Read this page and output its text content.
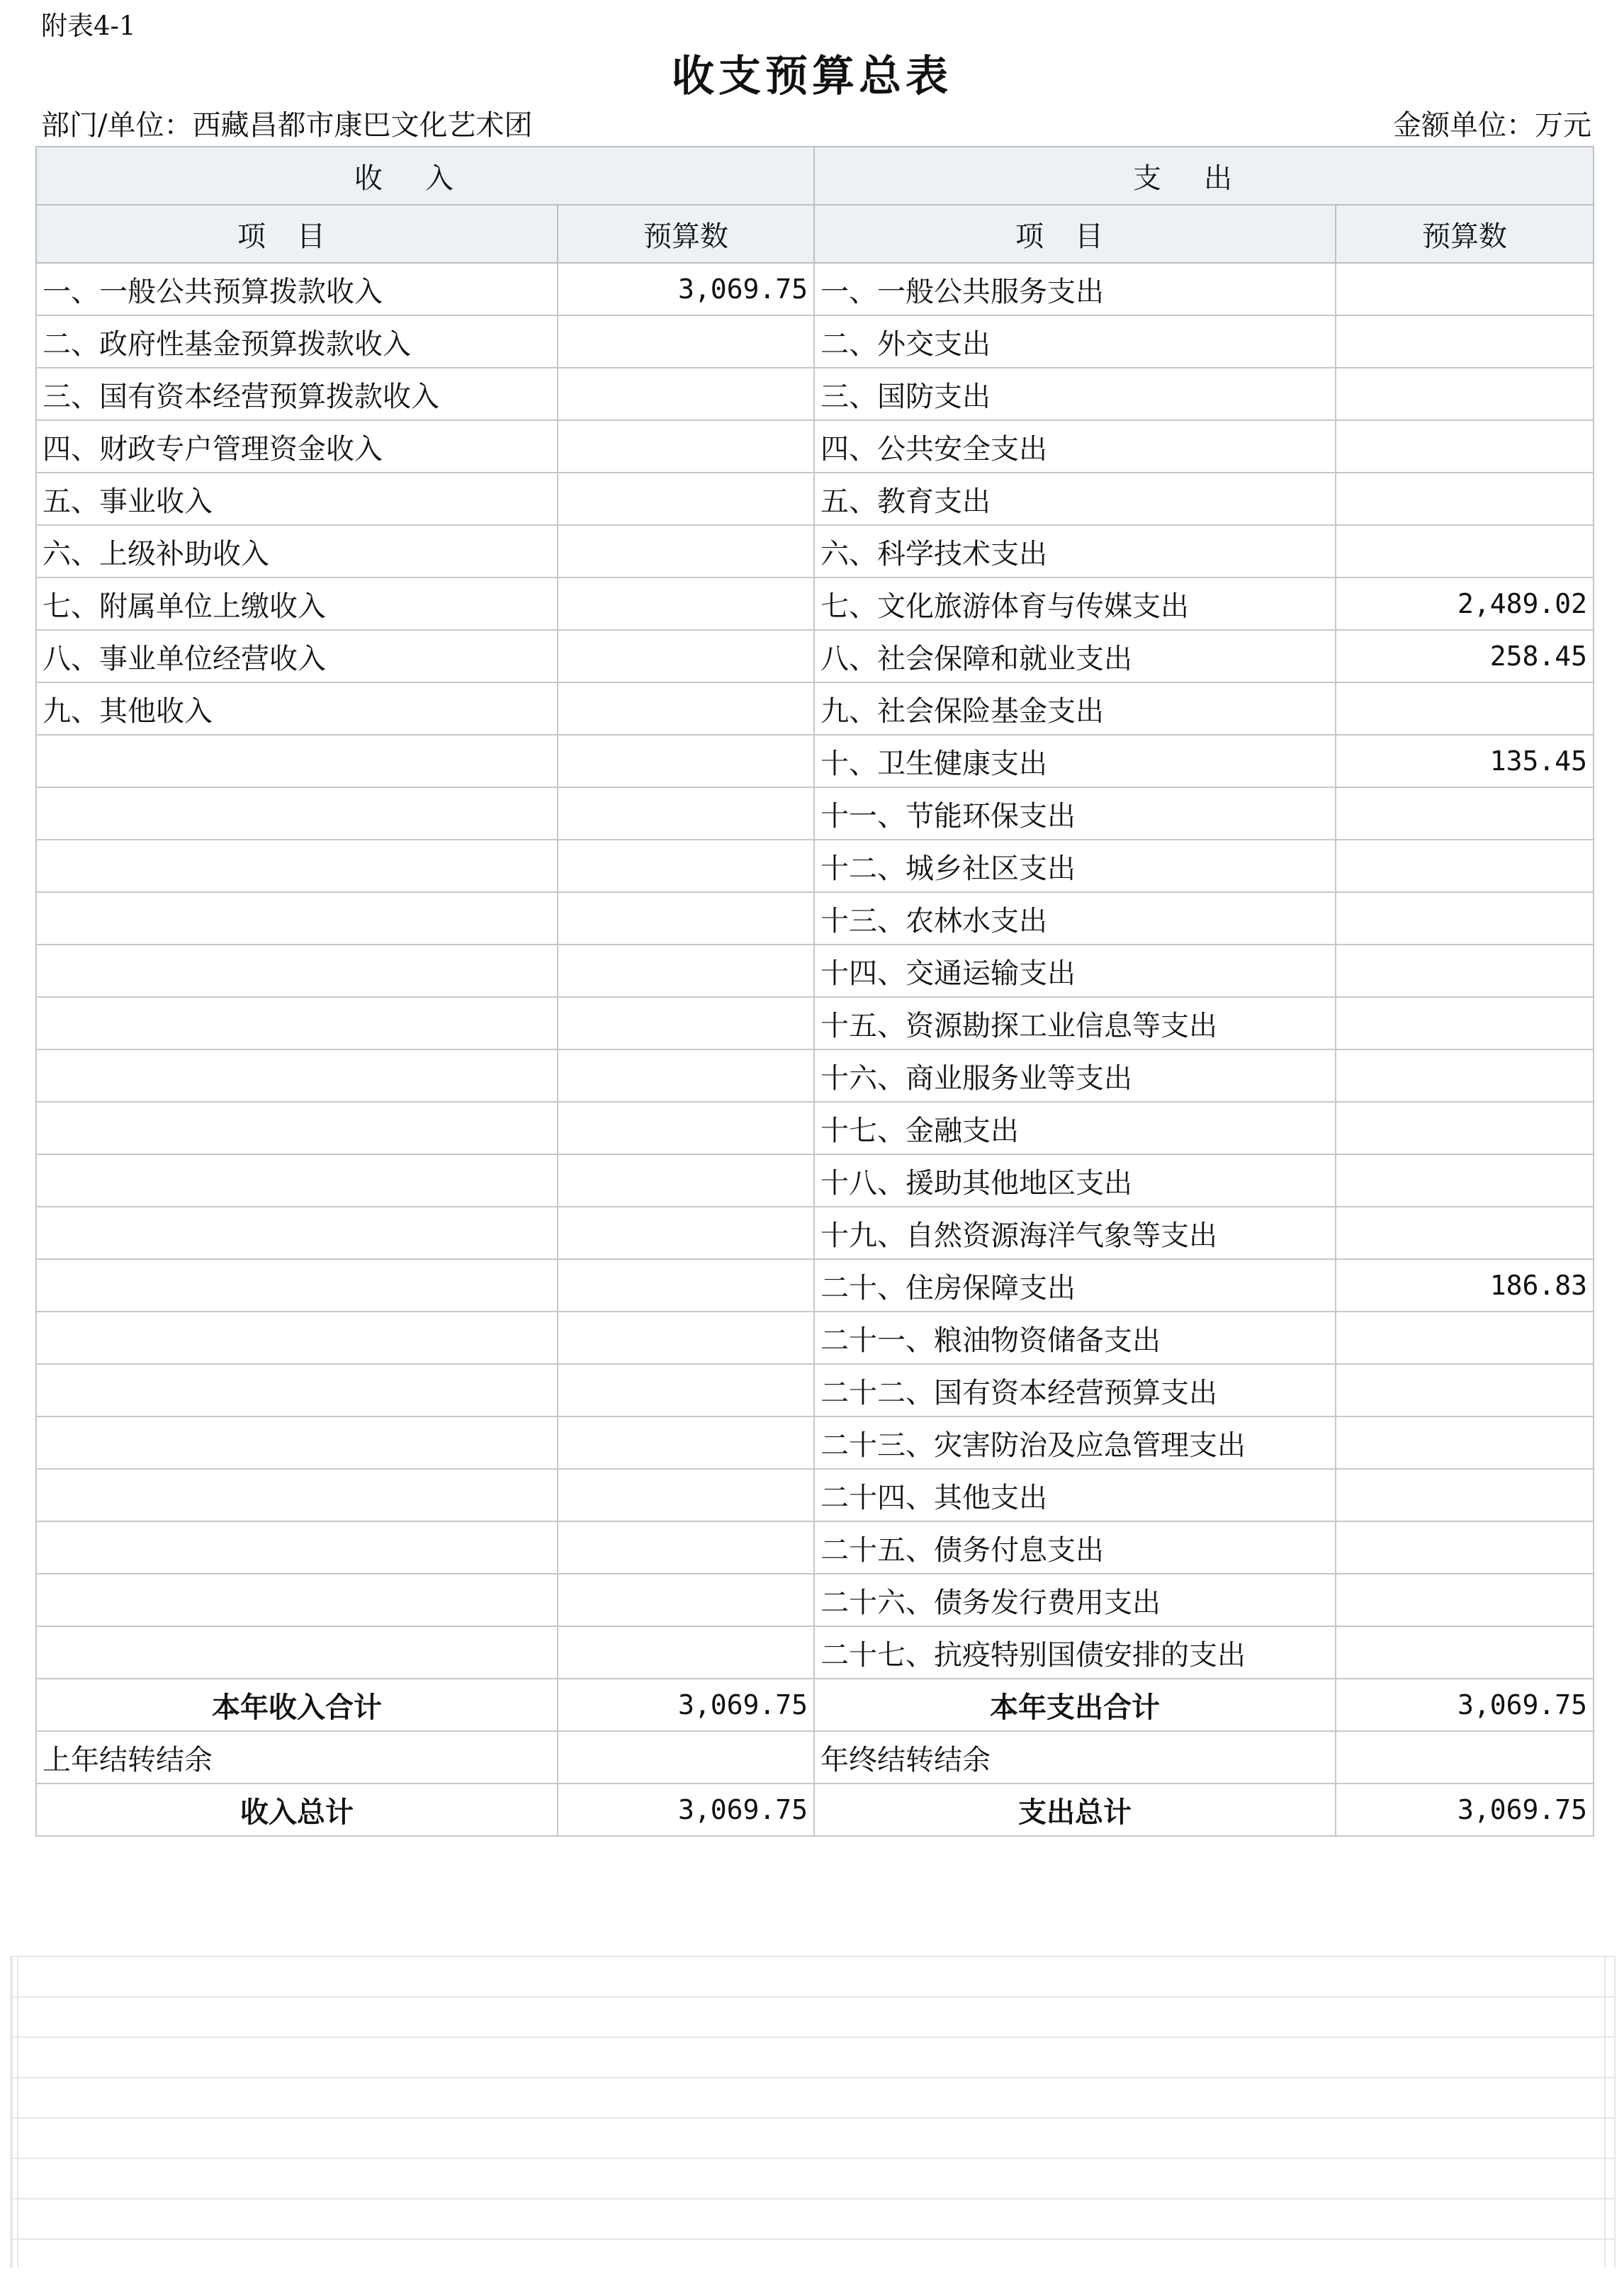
附表4-1
收支预算总表
部门/单位：西藏昌都市康巴文化艺术团	金额单位：万元
收入		支出	
项目	预算数	项目	预算数
一、一般公共预算拨款收入	3,069.75	一、一般公共服务支出	
二、政府性基金预算拨款收入		二、外交支出	
三、国有资本经营预算拨款收入		三、国防支出	
四、财政专户管理资金收入		四、公共安全支出	
五、事业收入		五、教育支出	
六、上级补助收入		六、科学技术支出	
七、附属单位上缴收入		七、文化旅游体育与传媒支出	2,489.02
八、事业单位经营收入		八、社会保障和就业支出	258.45
九、其他收入		九、社会保险基金支出	
		十、卫生健康支出	135.45
		十一、节能环保支出	
		十二、城乡社区支出	
		十三、农林水支出	
		十四、交通运输支出	
		十五、资源勘探工业信息等支出	
		十六、商业服务业等支出	
		十七、金融支出	
		十八、援助其他地区支出	
		十九、自然资源海洋气象等支出	
		二十、住房保障支出	186.83
		二十一、粮油物资储备支出	
		二十二、国有资本经营预算支出	
		二十三、灾害防治及应急管理支出	
		二十四、其他支出	
		二十五、债务付息支出	
		二十六、债务发行费用支出	
		二十七、抗疫特别国债安排的支出	
本年收入合计	3,069.75	本年支出合计	3,069.75
上年结转结余		年终结转结余	
收入总计	3,069.75	支出总计	3,069.75
